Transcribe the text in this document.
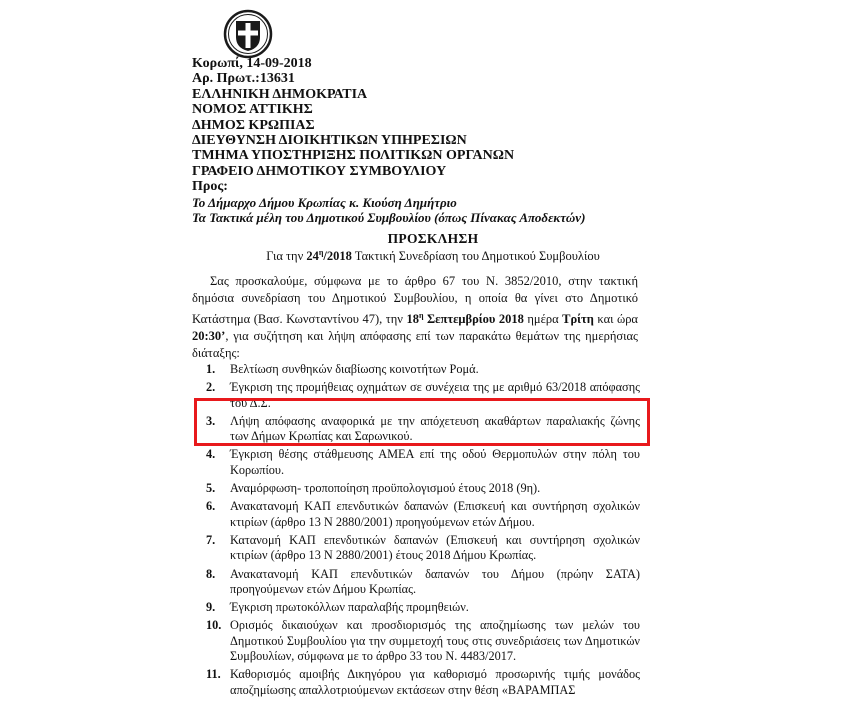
Κορωπί, 14-09-2018
Αρ. Πρωτ.:13631
ΕΛΛΗΝΙΚΗ ΔΗΜΟΚΡΑΤΙΑ
ΝΟΜΟΣ ΑΤΤΙΚΗΣ
ΔΗΜΟΣ ΚΡΩΠΙΑΣ
ΔΙΕΥΘΥΝΣΗ ΔΙΟΙΚΗΤΙΚΩΝ ΥΠΗΡΕΣΙΩΝ
ΤΜΗΜΑ ΥΠΟΣΤΗΡΙΞΗΣ ΠΟΛΙΤΙΚΩΝ ΟΡΓΑΝΩΝ
ΓΡΑΦΕΙΟ ΔΗΜΟΤΙΚΟΥ ΣΥΜΒΟΥΛΙΟΥ
Προς:
Το Δήμαρχο Δήμου Κρωπίας κ. Κιούση Δημήτριο
Τα Τακτικά μέλη του Δημοτικού Συμβουλίου (όπως Πίνακας Αποδεκτών)
ΠΡΟΣΚΛΗΣΗ
Για την $24^\eta/2018$ Τακτική Συνεδρίαση του Δημοτικού Συμβουλίου
Σας προσκαλούμε, σύμφωνα με το άρθρο 67 του Ν. 3852/2010, στην τακτική δημόσια συνεδρίαση του Δημοτικού Συμβουλίου, η οποία θα γίνει στο Δημοτικό Κατάστημα (Βασ. Κωνσταντίνου 47), την $18^\eta$ Σεπτεμβρίου 2018 ημέρα Τρίτη και ώρα 20:30’, για συζήτηση και λήψη απόφασης επί των παρακάτω θεμάτων της ημερήσιας διάταξης:
1.	Βελτίωση συνθηκών διαβίωσης κοινοτήτων Ρομά.
2.	Έγκριση της προμήθειας οχημάτων σε συνέχεια της με αριθμό 63/2018 απόφασης του Δ.Σ.
3.	Λήψη απόφασης αναφορικά με την απόχετευση ακαθάρτων παραλιακής ζώνης των Δήμων Κρωπίας και Σαρωνικού.
4.	Έγκριση θέσης στάθμευσης ΑΜΕΑ επί της οδού Θερμοπυλών στην πόλη του Κορωπίου.
5.	Αναμόρφωση- τροποποίηση προϋπολογισμού έτους 2018 (9η).
6.	Ανακατανομή ΚΑΠ επενδυτικών δαπανών (Επισκευή και συντήρηση σχολικών κτιρίων (άρθρο 13 Ν 2880/2001) προηγούμενων ετών Δήμου.
7.	Κατανομή ΚΑΠ επενδυτικών δαπανών (Επισκευή και συντήρηση σχολικών κτιρίων (άρθρο 13 Ν 2880/2001) έτους 2018 Δήμου Κρωπίας.
8.	Ανακατανομή ΚΑΠ επενδυτικών δαπανών του Δήμου (πρώην ΣΑΤΑ) προηγούμενων ετών Δήμου Κρωπίας.
9.	Έγκριση πρωτοκόλλων παραλαβής προμηθειών.
10. Ορισμός δικαιούχων και προσδιορισμός της αποζημίωσης των μελών του Δημοτικού Συμβουλίου για την συμμετοχή τους στις συνεδριάσεις των Δημοτικών Συμβουλίων, σύμφωνα με το άρθρο 33 του Ν. 4483/2017.
11. Καθορισμός αμοιβής Δικηγόρου για καθορισμό προσωρινής τιμής μονάδος αποζημίωσης απαλλοτριούμενων εκτάσεων στην θέση «ΒΑΡΑΜΠΑΣ
